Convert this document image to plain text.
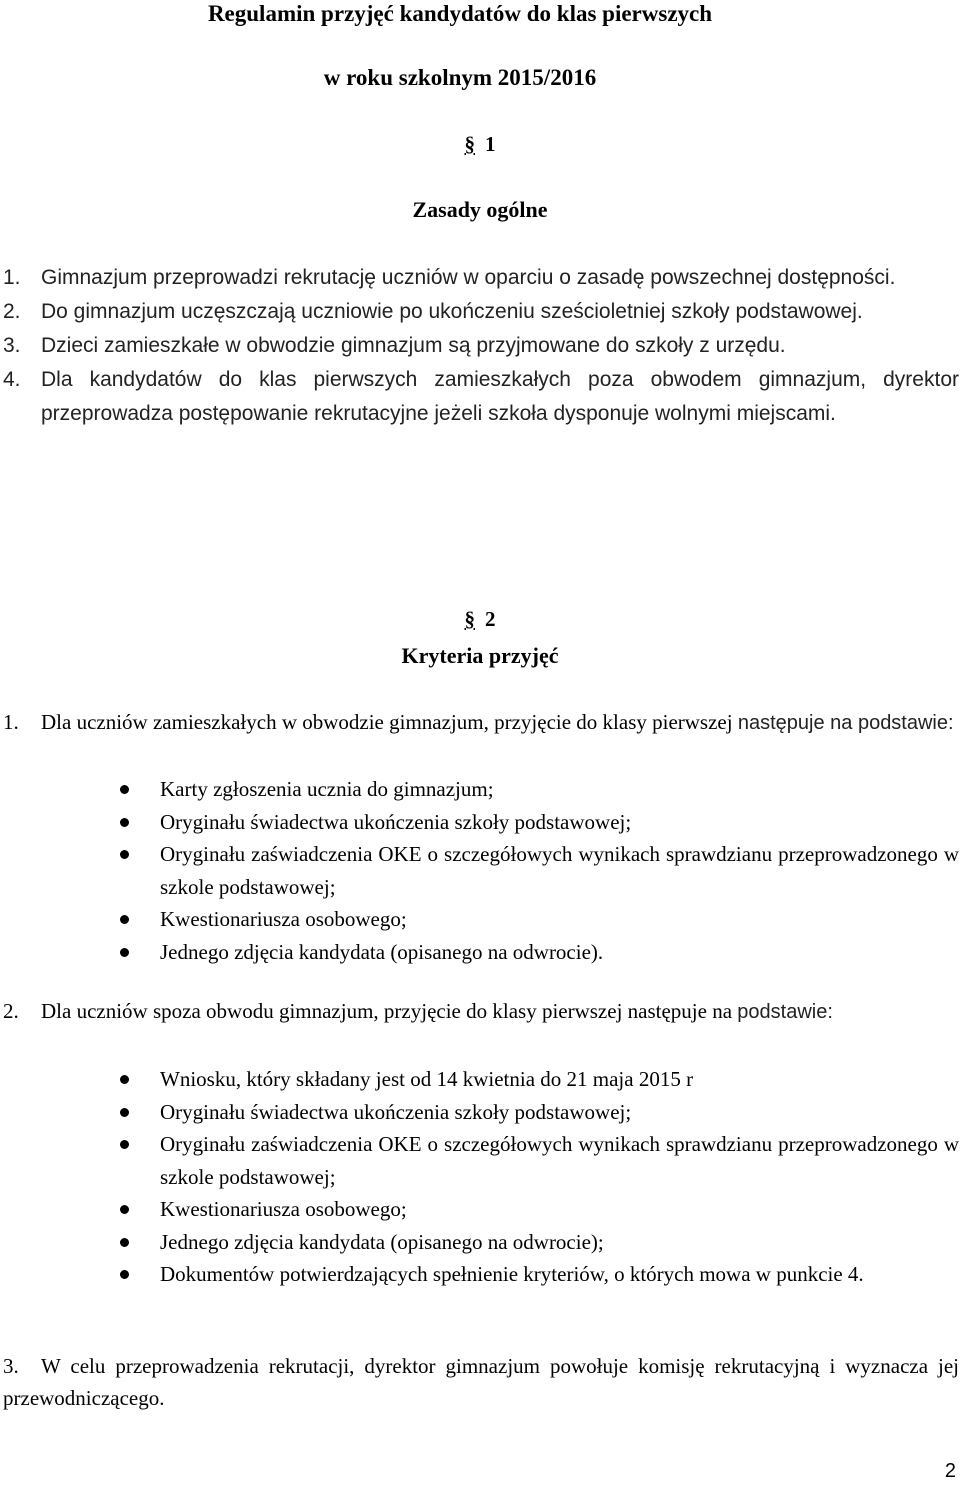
Regulamin przyjęć kandydatów do klas pierwszych
w roku szkolnym 2015/2016
§ 1
Zasady ogólne
1. Gimnazjum przeprowadzi rekrutację uczniów w oparciu o zasadę powszechnej dostępności.
2. Do gimnazjum uczęszczają uczniowie po ukończeniu sześcioletniej szkoły podstawowej.
3. Dzieci zamieszkałe w obwodzie gimnazjum są przyjmowane do szkoły z urzędu.
4. Dla kandydatów do klas pierwszych zamieszkałych poza obwodem gimnazjum, dyrektor przeprowadza postępowanie rekrutacyjne jeżeli szkoła dysponuje wolnymi miejscami.
§ 2
Kryteria przyjęć
1. Dla uczniów zamieszkałych w obwodzie gimnazjum, przyjęcie do klasy pierwszej następuje na podstawie:
Karty zgłoszenia ucznia do gimnazjum;
Oryginału świadectwa ukończenia szkoły podstawowej;
Oryginału zaświadczenia OKE o szczegółowych wynikach sprawdzianu przeprowadzonego w szkole podstawowej;
Kwestionariusza osobowego;
Jednego zdjęcia kandydata (opisanego na odwrocie).
2. Dla uczniów spoza obwodu gimnazjum, przyjęcie do klasy pierwszej następuje na podstawie:
Wniosku, który składany jest od 14 kwietnia do 21 maja 2015 r
Oryginału świadectwa ukończenia szkoły podstawowej;
Oryginału zaświadczenia OKE o szczegółowych wynikach sprawdzianu przeprowadzonego w szkole podstawowej;
Kwestionariusza osobowego;
Jednego zdjęcia kandydata (opisanego na odwrocie);
Dokumentów potwierdzających spełnienie kryteriów, o których mowa w punkcie 4.
3. W celu przeprowadzenia rekrutacji, dyrektor gimnazjum powołuje komisję rekrutacyjną i wyznacza jej przewodniczącego.
2
